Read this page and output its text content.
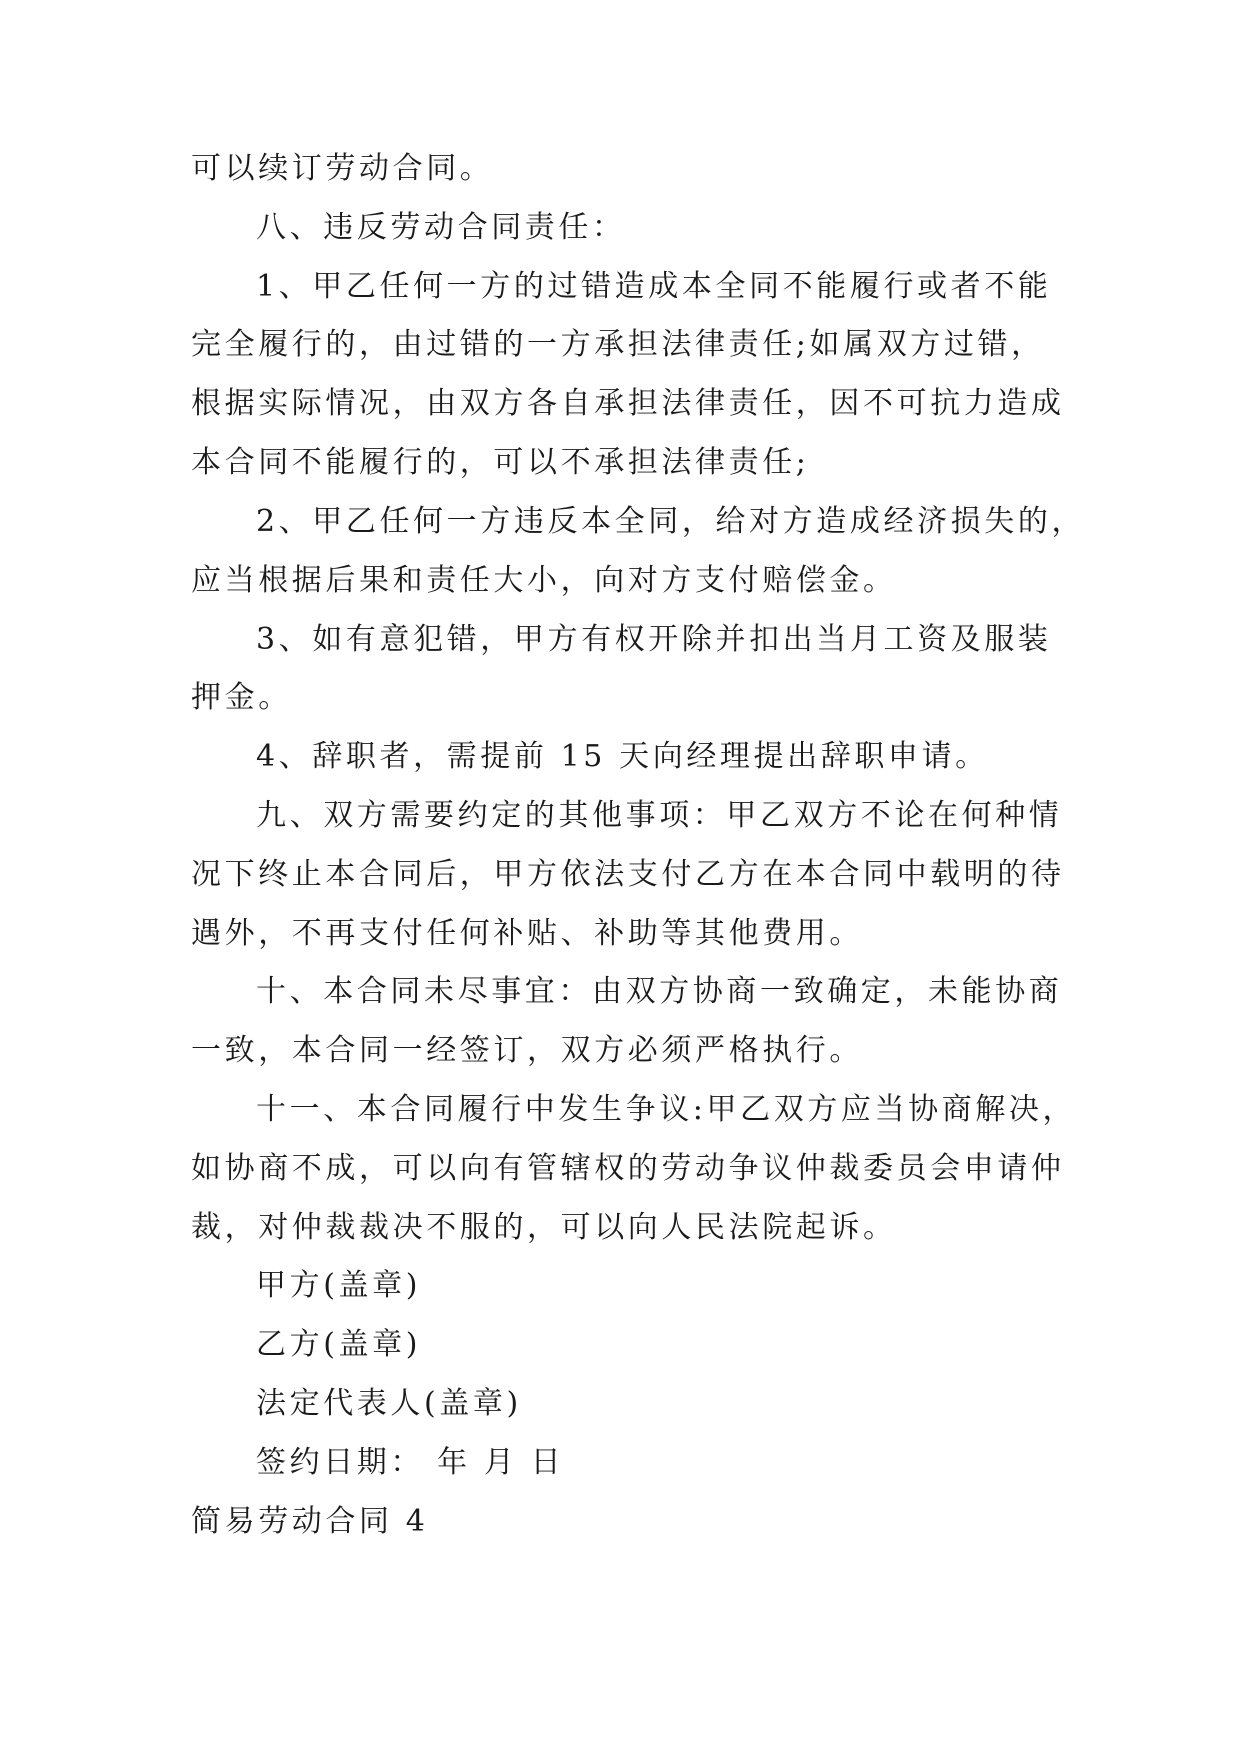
可以续订劳动合同。
八、违反劳动合同责任：
1、甲乙任何一方的过错造成本全同不能履行或者不能
完全履行的，由过错的一方承担法律责任;如属双方过错，
根据实际情况，由双方各自承担法律责任，因不可抗力造成
本合同不能履行的，可以不承担法律责任;
2、甲乙任何一方违反本全同，给对方造成经济损失的，
应当根据后果和责任大小，向对方支付赔偿金。
3、如有意犯错，甲方有权开除并扣出当月工资及服装
押金。
4、辞职者，需提前 15 天向经理提出辞职申请。
九、双方需要约定的其他事项：甲乙双方不论在何种情
况下终止本合同后，甲方依法支付乙方在本合同中载明的待
遇外，不再支付任何补贴、补助等其他费用。
十、本合同未尽事宜：由双方协商一致确定，未能协商
一致，本合同一经签订，双方必须严格执行。
十一、本合同履行中发生争议:甲乙双方应当协商解决，
如协商不成，可以向有管辖权的劳动争议仲裁委员会申请仲
裁，对仲裁裁决不服的，可以向人民法院起诉。
甲方(盖章)
乙方(盖章)
法定代表人(盖章)
签约日期： 年 月 日
简易劳动合同 4
